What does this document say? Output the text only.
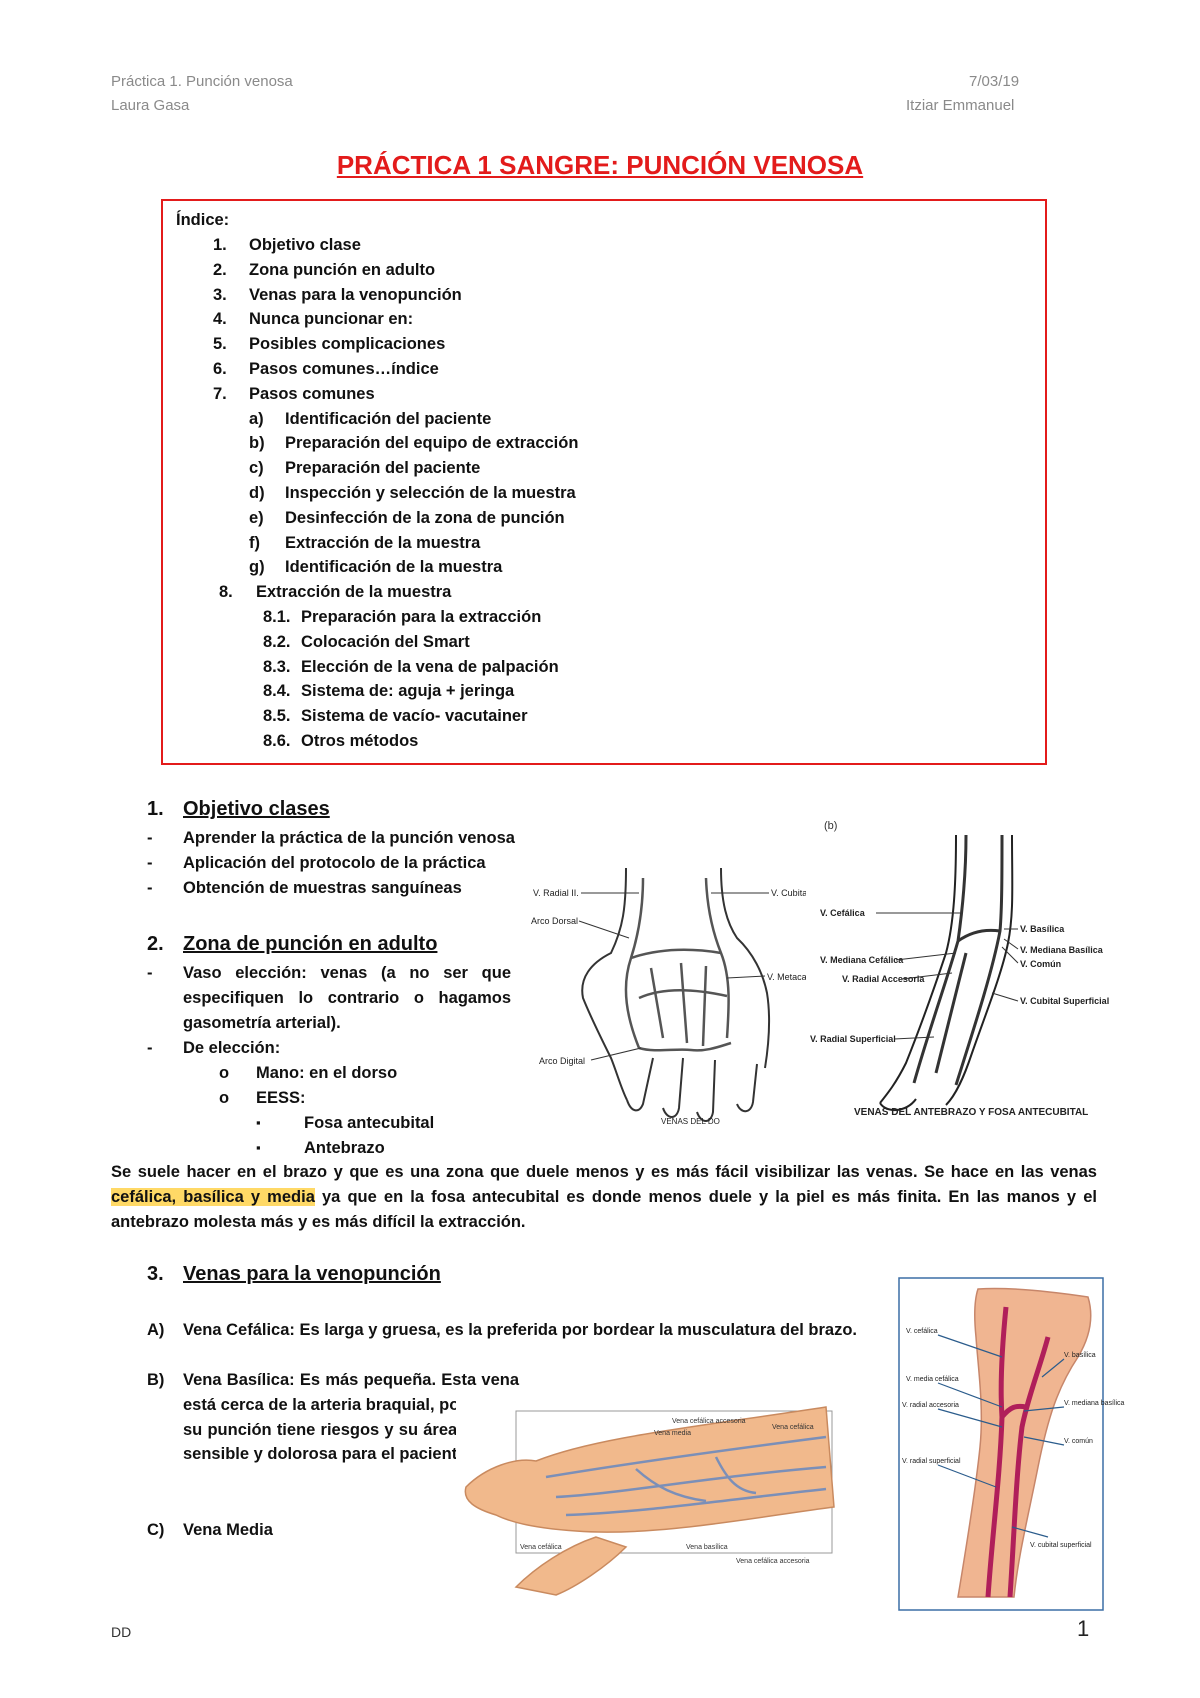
Práctica 1. Punción venosa
Laura Gasa
7/03/19
Itziar Emmanuel
PRÁCTICA 1 SANGRE: PUNCIÓN VENOSA
Índice:
1. Objetivo clase
2. Zona punción en adulto
3. Venas para la venopunción
4. Nunca puncionar en:
5. Posibles complicaciones
6. Pasos comunes…índice
7. Pasos comunes
a) Identificación del paciente
b) Preparación del equipo de extracción
c) Preparación del paciente
d) Inspección y selección de la muestra
e) Desinfección de la zona de punción
f) Extracción de la muestra
g) Identificación de la muestra
8. Extracción de la muestra
8.1. Preparación para la extracción
8.2. Colocación del Smart
8.3. Elección de la vena de palpación
8.4. Sistema de: aguja + jeringa
8.5. Sistema de vacío- vacutainer
8.6. Otros métodos
1. Objetivo clases
- Aprender la práctica de la punción venosa
- Aplicación del protocolo de la práctica
- Obtención de muestras sanguíneas
2. Zona de punción en adulto
- Vaso elección: venas (a no ser que especifiquen lo contrario o hagamos gasometría arterial).
- De elección:
o Mano: en el dorso
o EESS:
▪	Fosa antecubital
▪	Antebrazo
Se suele hacer en el brazo y que es una zona que duele menos y es más fácil visibilizar las venas. Se hace en las venas cefálica, basílica y media ya que en la fosa antecubital es donde menos duele y la piel es más finita. En las manos y el antebrazo molesta más y es más difícil la extracción.
3. Venas para la venopunción
A) Vena Cefálica: Es larga y gruesa, es la preferida por bordear la musculatura del brazo.
B) Vena Basílica: Es más pequeña. Esta vena está cerca de la arteria braquial, por lo que su punción tiene riesgos y su área es más sensible y dolorosa para el paciente.
C) Vena Media
V. Radial II.
Arco Dorsal
V. Cubital II.
V. Metacarpianas
Arco Digital
VENAS DEL DO
(b)
V. Cefálica
V. Mediana Cefálica
V. Radial Accesoria
V. Radial Superficial
V. Basílica
V. Mediana Basílica
V. Común
V. Cubital Superficial
VENAS DEL ANTEBRAZO Y FOSA ANTECUBITAL
Vena cefálica accesoria
Vena media
Vena cefálica
Vena cefálica	Vena basílica
Vena cefálica accesoria
V. cefálica
V. media cefálica
V. radial accesoria
V. radial superficial
V. basílica
V. mediana basílica
V. común
V. cubital superficial
DD	1
